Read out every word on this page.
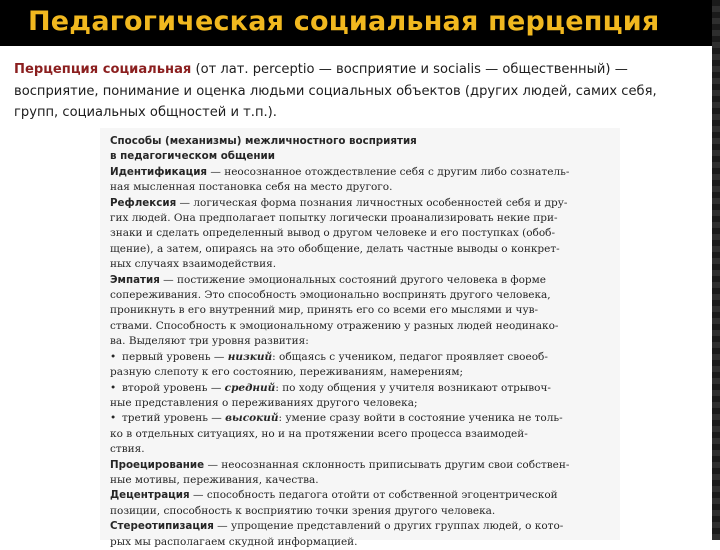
Педагогическая социальная перцепция
Перцепция социальная (от лат. perceptio — восприятие и socialis — общественный) — восприятие, понимание и оценка людьми социальных объектов (других людей, самих себя, групп, социальных общностей и т.п.).
Способы (механизмы) межличностного восприятия
в педагогическом общении
Идентификация — неосознанное отождествление себя с другим либо сознатель-
ная мысленная постановка себя на место другого.
Рефлексия — логическая форма познания личностных особенностей себя и дру-
гих людей. Она предполагает попытку логически проанализировать некие при-
знаки и сделать определенный вывод о другом человеке и его поступках (обоб-
щение), а затем, опираясь на это обобщение, делать частные выводы о конкрет-
ных случаях взаимодействия.
Эмпатия — постижение эмоциональных состояний другого человека в форме
сопереживания. Это способность эмоционально воспринять другого человека,
проникнуть в его внутренний мир, принять его со всеми его мыслями и чув-
ствами. Способность к эмоциональному отражению у разных людей неодинако-
ва. Выделяют три уровня развития:
• первый уровень — низкий: общаясь с учеником, педагог проявляет своеоб-
разную слепоту к его состоянию, переживаниям, намерениям;
• второй уровень — средний: по ходу общения у учителя возникают отрывоч-
ные представления о переживаниях другого человека;
• третий уровень — высокий: умение сразу войти в состояние ученика не толь-
ко в отдельных ситуациях, но и на протяжении всего процесса взаимодей-
ствия.
Проецирование — неосознанная склонность приписывать другим свои собствен-
ные мотивы, переживания, качества.
Децентрация — способность педагога отойти от собственной эгоцентрической
позиции, способность к восприятию точки зрения другого человека.
Стереотипизация — упрощение представлений о других группах людей, о кото-
рых мы располагаем скудной информацией.
